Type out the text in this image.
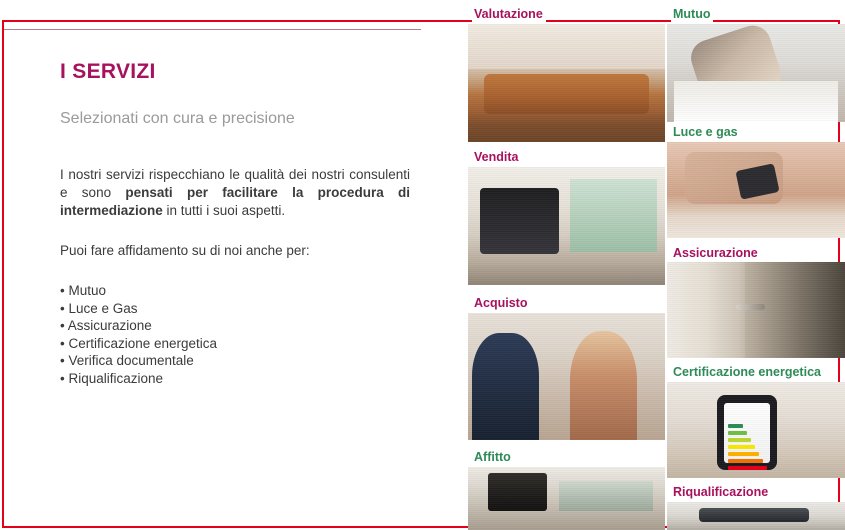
I SERVIZI
Selezionati con cura e precisione

I nostri servizi rispecchiano le qualità dei nostri consulenti e sono pensati per facilitare la procedura di intermediazione in tutti i suoi aspetti.

Puoi fare affidamento su di noi anche per:

• Mutuo
• Luce e Gas
• Assicurazione
• Certificazione energetica
• Verifica documentale
• Riqualificazione
Valutazione	Mutuo
Luce e gas
Vendita
Assicurazione
Acquisto
Certificazione energetica
Affitto
Riqualificazione
